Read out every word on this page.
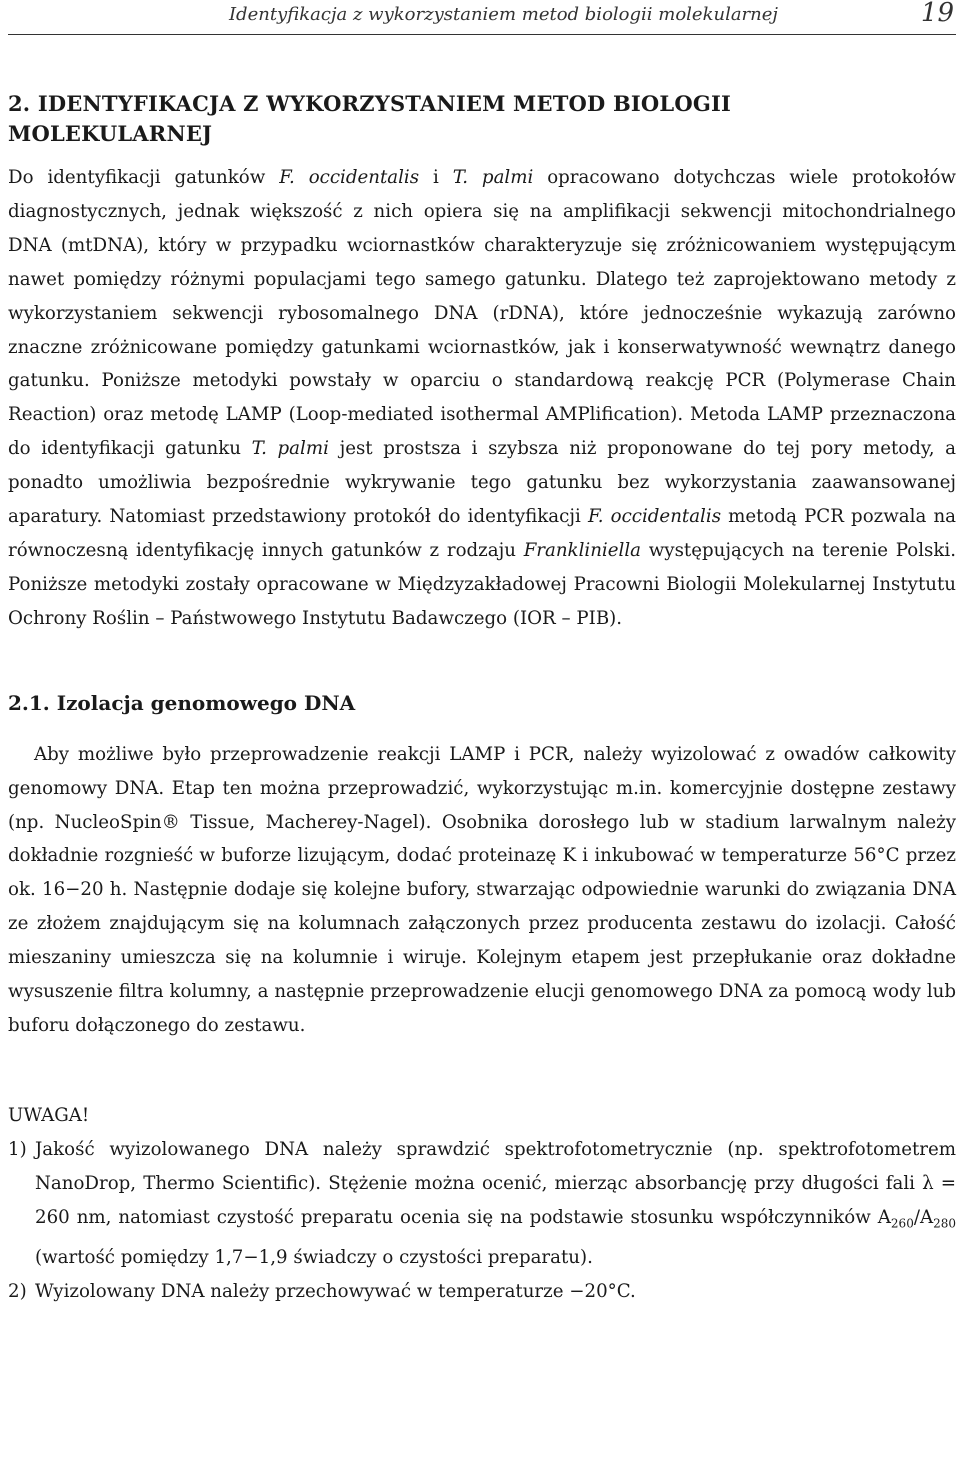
Identyfikacja z wykorzystaniem metod biologii molekularnej	19
2. IDENTYFIKACJA Z WYKORZYSTANIEM METOD BIOLOGII
MOLEKULARNEJ

Do identyfikacji gatunków F. occidentalis i T. palmi opracowano dotychczas wiele protokołów diagnostycznych, jednak większość z nich opiera się na amplifikacji sekwencji mitochondrialnego DNA (mtDNA), który w przypadku wciornastków charakteryzuje się zróżnicowaniem występującym nawet pomiędzy różnymi populacjami tego samego gatunku. Dlatego też zaprojektowano metody z wykorzystaniem sekwencji rybosomalnego DNA (rDNA), które jednocześnie wykazują zarówno znaczne zróżnicowane pomiędzy gatunkami wciornastków, jak i konserwatywność wewnątrz danego gatunku. Poniższe metodyki powstały w oparciu o standardową reakcję PCR (Polymerase Chain Reaction) oraz metodę LAMP (Loop-mediated isothermal AMPlification). Metoda LAMP przeznaczona do identyfikacji gatunku T. palmi jest prostsza i szybsza niż proponowane do tej pory metody, a ponadto umożliwia bezpośrednie wykrywanie tego gatunku bez wykorzystania zaawansowanej aparatury. Natomiast przedstawiony protokół do identyfikacji F. occidentalis metodą PCR pozwala na równoczesną identyfikację innych gatunków z rodzaju Frankliniella występujących na terenie Polski. Poniższe metodyki zostały opracowane w Międzyzakładowej Pracowni Biologii Molekularnej Instytutu Ochrony Roślin – Państwowego Instytutu Badawczego (IOR – PIB).

2.1. Izolacja genomowego DNA

Aby możliwe było przeprowadzenie reakcji LAMP i PCR, należy wyizolować z owadów całkowity genomowy DNA. Etap ten można przeprowadzić, wykorzystując m.in. komercyjnie dostępne zestawy (np. NucleoSpin® Tissue, Macherey-Nagel). Osobnika dorosłego lub w stadium larwalnym należy dokładnie rozgnieść w buforze lizującym, dodać proteinazę K i inkubować w temperaturze 56°C przez ok. 16−20 h. Następnie dodaje się kolejne bufory, stwarzając odpowiednie warunki do związania DNA ze złożem znajdującym się na kolumnach załączonych przez producenta zestawu do izolacji. Całość mieszaniny umieszcza się na kolumnie i wiruje. Kolejnym etapem jest przepłukanie oraz dokładne wysuszenie filtra kolumny, a następnie przeprowadzenie elucji genomowego DNA za pomocą wody lub buforu dołączonego do zestawu.

UWAGA!
1) Jakość wyizolowanego DNA należy sprawdzić spektrofotometrycznie (np. spektrofotometrem NanoDrop, Thermo Scientific). Stężenie można ocenić, mierząc absorbancję przy długości fali λ = 260 nm, natomiast czystość preparatu ocenia się na podstawie stosunku współczynników $A_{260}/A_{280}$ (wartość pomiędzy 1,7−1,9 świadczy o czystości preparatu).
2) Wyizolowany DNA należy przechowywać w temperaturze −20°C.
